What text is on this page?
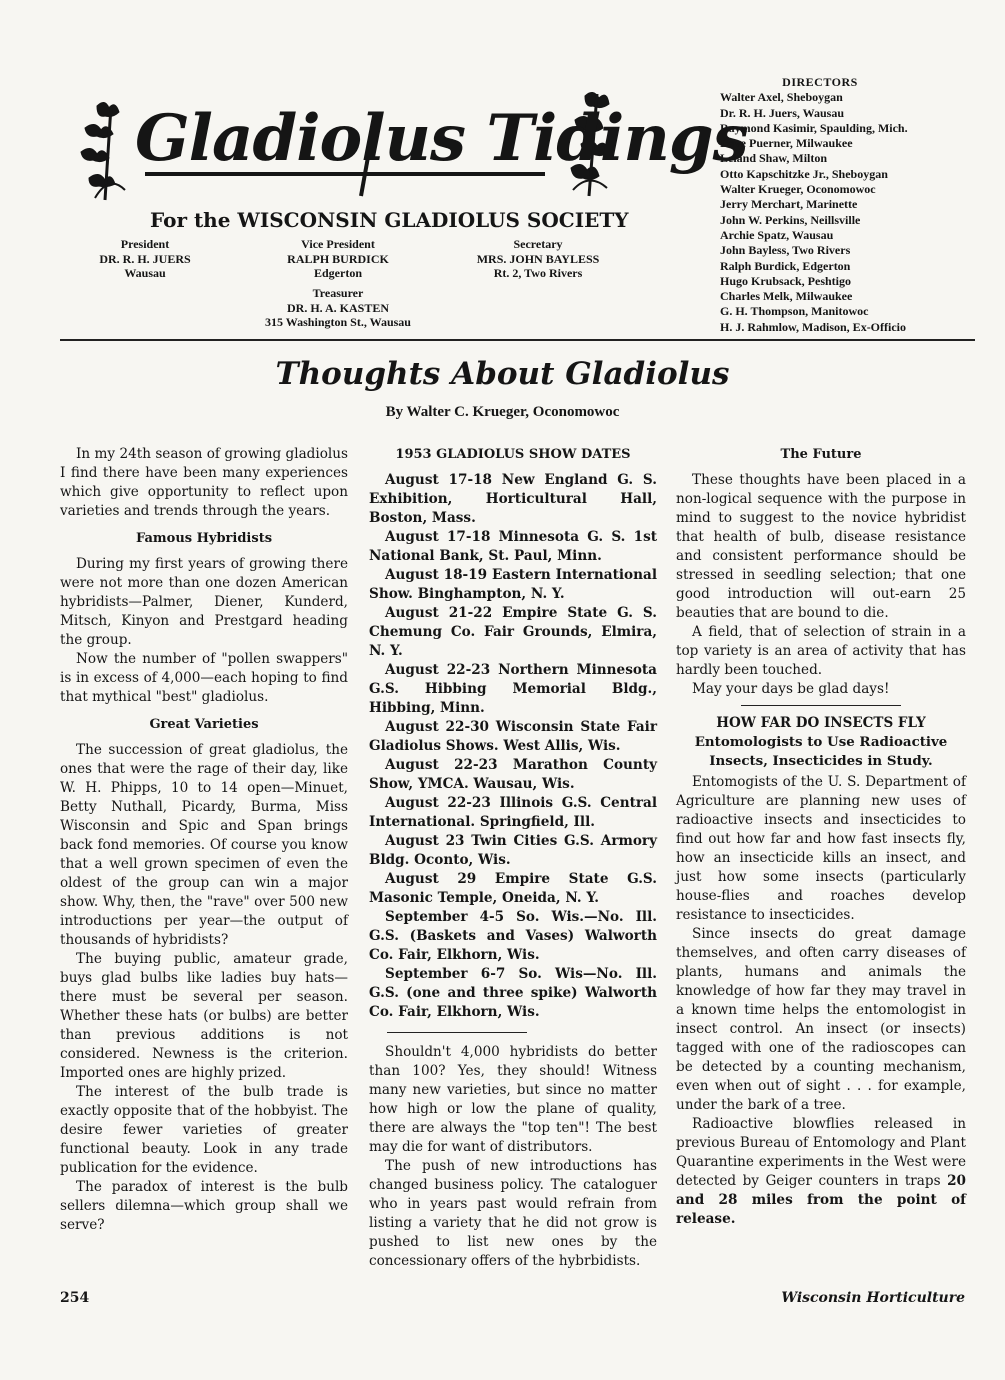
Gladiolus Tidings
For the WISCONSIN GLADIOLUS SOCIETY
President
DR. R. H. JUERS
Wausau
Vice President
RALPH BURDICK
Edgerton
Secretary
MRS. JOHN BAYLESS
Rt. 2, Two Rivers
Treasurer
DR. H. A. KASTEN
315 Washington St., Wausau
DIRECTORS
Walter Axel, Sheboygan
Dr. R. H. Juers, Wausau
Raymond Kasimir, Spaulding, Mich.
Dave Puerner, Milwaukee
Leland Shaw, Milton
Otto Kapschitzke Jr., Sheboygan
Walter Krueger, Oconomowoc
Jerry Merchart, Marinette
John W. Perkins, Neillsville
Archie Spatz, Wausau
John Bayless, Two Rivers
Ralph Burdick, Edgerton
Hugo Krubsack, Peshtigo
Charles Melk, Milwaukee
G. H. Thompson, Manitowoc
H. J. Rahmlow, Madison, Ex-Officio
Thoughts About Gladiolus
By Walter C. Krueger, Oconomowoc

In my 24th season of growing gladiolus I find there have been many experiences which give opportunity to reflect upon varieties and trends through the years.

Famous Hybridists

During my first years of growing there were not more than one dozen American hybridists—Palmer, Diener, Kunderd, Mitsch, Kinyon and Prestgard heading the group.

Now the number of "pollen swappers" is in excess of 4,000—each hoping to find that mythical "best" gladiolus.

Great Varieties

The succession of great gladiolus, the ones that were the rage of their day, like W. H. Phipps, 10 to 14 open—Minuet, Betty Nuthall, Picardy, Burma, Miss Wisconsin and Spic and Span brings back fond memories. Of course you know that a well grown specimen of even the oldest of the group can win a major show. Why, then, the "rave" over 500 new introductions per year—the output of thousands of hybridists?

The buying public, amateur grade, buys glad bulbs like ladies buy hats—there must be several per season. Whether these hats (or bulbs) are better than previous additions is not considered. Newness is the criterion. Imported ones are highly prized.

The interest of the bulb trade is exactly opposite that of the hobbyist. The desire fewer varieties of greater functional beauty. Look in any trade publication for the evidence.

The paradox of interest is the bulb sellers dilemna—which group shall we serve?

1953 GLADIOLUS SHOW DATES

August 17-18 New England G. S. Exhibition, Horticultural Hall, Boston, Mass.

August 17-18 Minnesota G. S. 1st National Bank, St. Paul, Minn.

August 18-19 Eastern International Show. Binghampton, N. Y.

August 21-22 Empire State G. S. Chemung Co. Fair Grounds, Elmira, N. Y.

August 22-23 Northern Minnesota G.S. Hibbing Memorial Bldg., Hibbing, Minn.

August 22-30 Wisconsin State Fair Gladiolus Shows. West Allis, Wis.

August 22-23 Marathon County Show, YMCA. Wausau, Wis.

August 22-23 Illinois G.S. Central International. Springfield, Ill.

August 23 Twin Cities G.S. Armory Bldg. Oconto, Wis.

August 29 Empire State G.S. Masonic Temple, Oneida, N. Y.

September 4-5 So. Wis.—No. Ill. G.S. (Baskets and Vases) Walworth Co. Fair, Elkhorn, Wis.

September 6-7 So. Wis—No. Ill. G.S. (one and three spike) Walworth Co. Fair, Elkhorn, Wis.

Shouldn't 4,000 hybridists do better than 100? Yes, they should! Witness many new varieties, but since no matter how high or low the plane of quality, there are always the "top ten"! The best may die for want of distributors.

The push of new introductions has changed business policy. The cataloguer who in years past would refrain from listing a variety that he did not grow is pushed to list new ones by the concessionary offers of the hybrbidists.

The Future

These thoughts have been placed in a non-logical sequence with the purpose in mind to suggest to the novice hybridist that health of bulb, disease resistance and consistent performance should be stressed in seedling selection; that one good introduction will out-earn 25 beauties that are bound to die.

A field, that of selection of strain in a top variety is an area of activity that has hardly been touched.

May your days be glad days!

HOW FAR DO INSECTS FLY
Entomologists to Use Radioactive Insects, Insecticides in Study.

Entomogists of the U. S. Department of Agriculture are planning new uses of radioactive insects and insecticides to find out how far and how fast insects fly, how an insecticide kills an insect, and just how some insects (particularly house-flies and roaches develop resistance to insecticides.

Since insects do great damage themselves, and often carry diseases of plants, humans and animals the knowledge of how far they may travel in a known time helps the entomologist in insect control. An insect (or insects) tagged with one of the radioscopes can be detected by a counting mechanism, even when out of sight . . . for example, under the bark of a tree.

Radioactive blowflies released in previous Bureau of Entomology and Plant Quarantine experiments in the West were detected by Geiger counters in traps 20 and 28 miles from the point of release.

254	Wisconsin Horticulture
